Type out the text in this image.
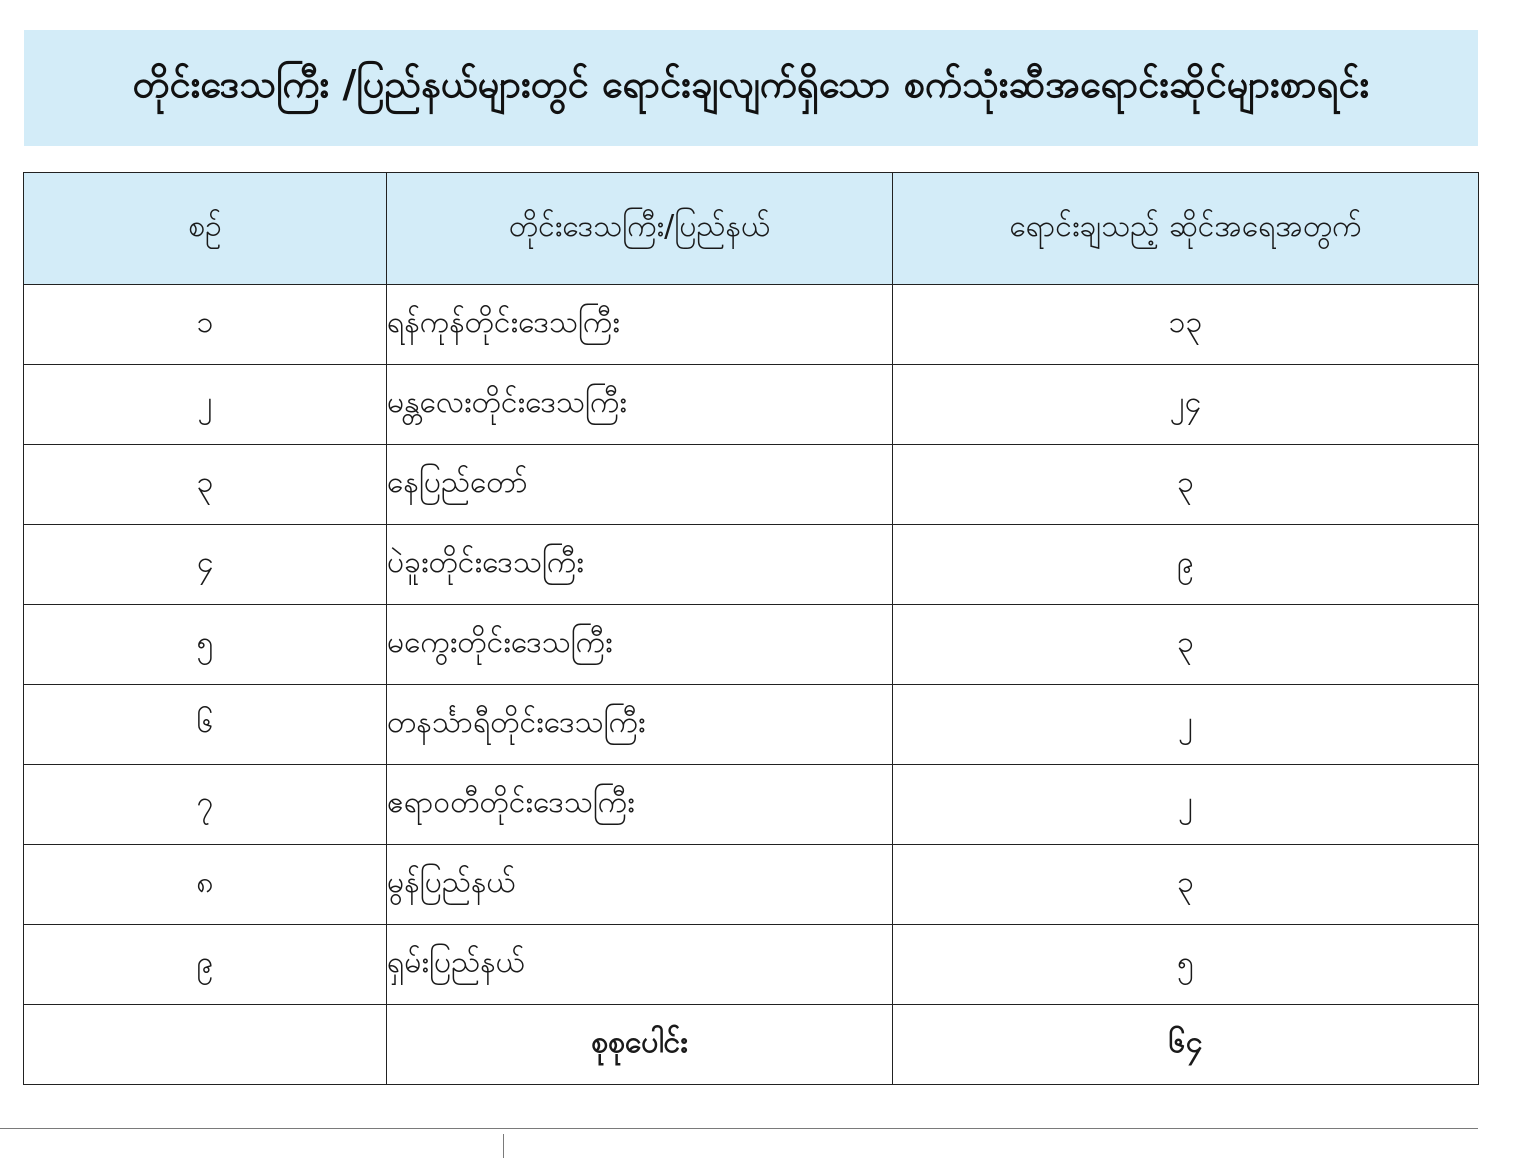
တိုင်းဒေသကြီး /ပြည်နယ်များတွင် ရောင်းချလျက်ရှိသော စက်သုံးဆီအရောင်းဆိုင်များစာရင်း
စဉ်	တိုင်းဒေသကြီး/ပြည်နယ်	ရောင်းချသည့် ဆိုင်အရေအတွက်
၁	ရန်ကုန်တိုင်းဒေသကြီး	၁၃
၂	မန္တလေးတိုင်းဒေသကြီး	၂၄
၃	နေပြည်တော်	၃
၄	ပဲခူးတိုင်းဒေသကြီး	၉
၅	မကွေးတိုင်းဒေသကြီး	၃
၆	တနင်္သာရီတိုင်းဒေသကြီး	၂
၇	ဧရာဝတီတိုင်းဒေသကြီး	၂
၈	မွန်ပြည်နယ်	၃
၉	ရှမ်းပြည်နယ်	၅
	စုစုပေါင်း	၆၄
